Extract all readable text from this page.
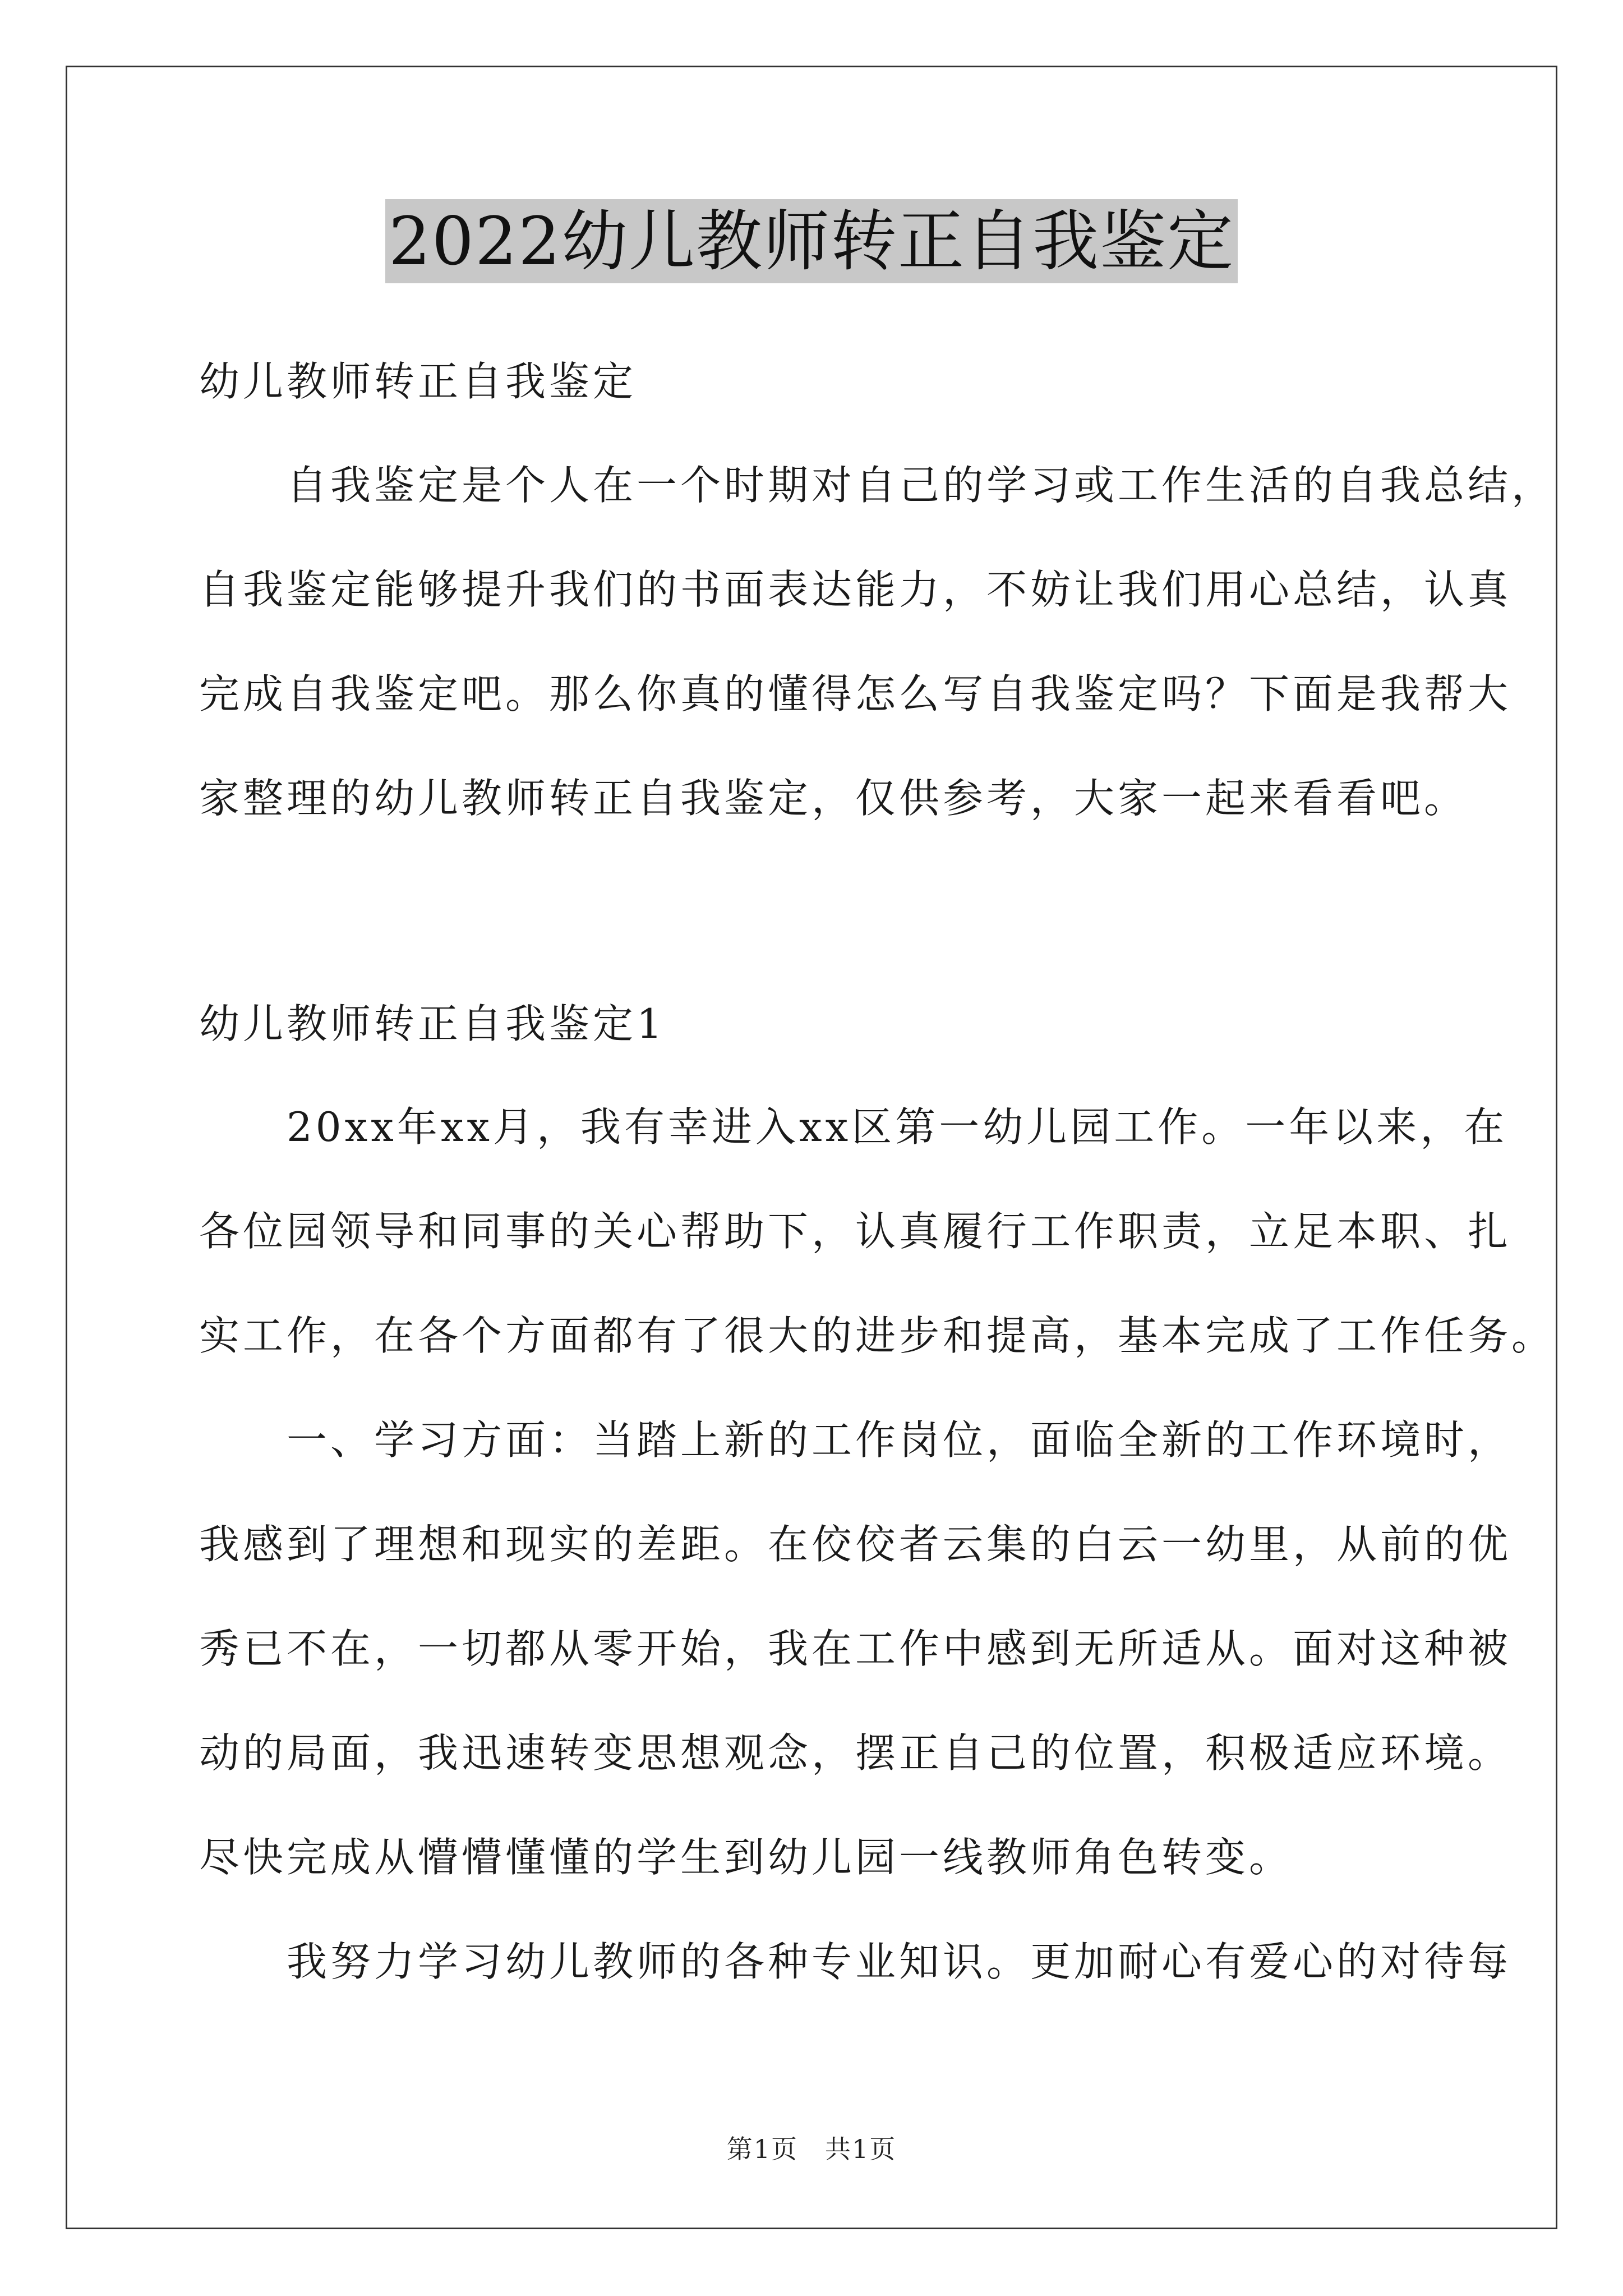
2022幼儿教师转正自我鉴定
幼儿教师转正自我鉴定
　　自我鉴定是个人在一个时期对自己的学习或工作生活的自我总结，
自我鉴定能够提升我们的书面表达能力，不妨让我们用心总结，认真
完成自我鉴定吧。那么你真的懂得怎么写自我鉴定吗？下面是我帮大
家整理的幼儿教师转正自我鉴定，仅供参考，大家一起来看看吧。
幼儿教师转正自我鉴定1
　　20xx年xx月，我有幸进入xx区第一幼儿园工作。一年以来，在
各位园领导和同事的关心帮助下，认真履行工作职责，立足本职、扎
实工作，在各个方面都有了很大的进步和提高，基本完成了工作任务。
　　一、学习方面：当踏上新的工作岗位，面临全新的工作环境时，
我感到了理想和现实的差距。在佼佼者云集的白云一幼里，从前的优
秀已不在，一切都从零开始，我在工作中感到无所适从。面对这种被
动的局面，我迅速转变思想观念，摆正自己的位置，积极适应环境。
尽快完成从懵懵懂懂的学生到幼儿园一线教师角色转变。
　　我努力学习幼儿教师的各种专业知识。更加耐心有爱心的对待每
第1页　共1页
